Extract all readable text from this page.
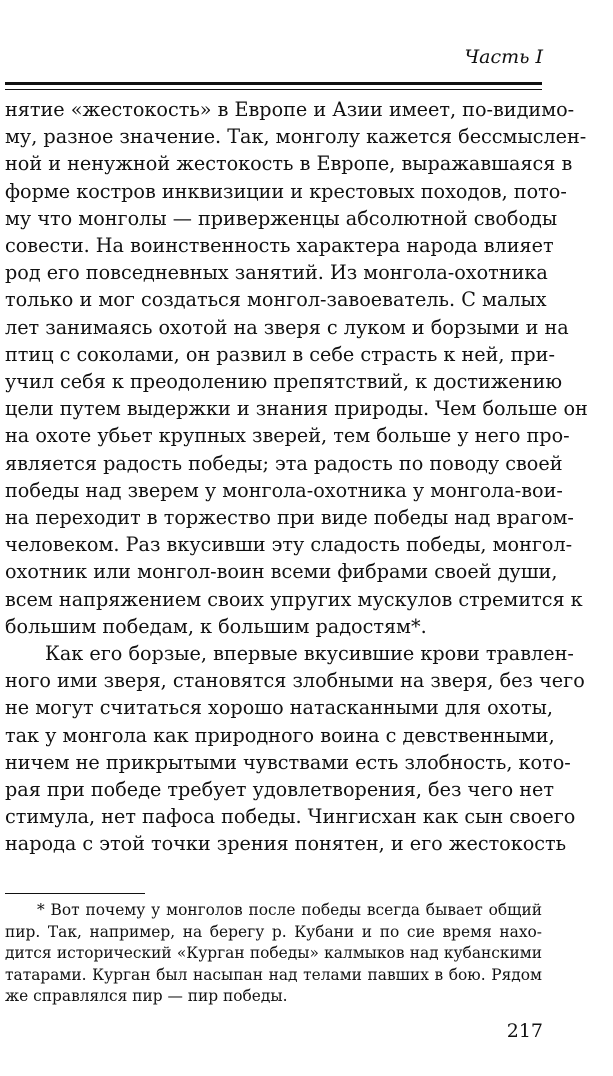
Часть I
нятие «жестокость» в Европе и Азии имеет, по-видимо-
му, разное значение. Так, монголу кажется бессмыслен-
ной и ненужной жестокость в Европе, выражавшаяся в
форме костров инквизиции и крестовых походов, пото-
му что монголы — приверженцы абсолютной свободы
совести. На воинственность характера народа влияет
род его повседневных занятий. Из монгола-охотника
только и мог создаться монгол-завоеватель. С малых
лет занимаясь охотой на зверя с луком и борзыми и на
птиц с соколами, он развил в себе страсть к ней, при-
учил себя к преодолению препятствий, к достижению
цели путем выдержки и знания природы. Чем больше он
на охоте убьет крупных зверей, тем больше у него про-
является радость победы; эта радость по поводу своей
победы над зверем у монгола-охотника у монгола-вои-
на переходит в торжество при виде победы над врагом-
человеком. Раз вкусивши эту сладость победы, монгол-
охотник или монгол-воин всеми фибрами своей души,
всем напряжением своих упругих мускулов стремится к
большим победам, к большим радостям*.
Как его борзые, впервые вкусившие крови травлен-
ного ими зверя, становятся злобными на зверя, без чего
не могут считаться хорошо натасканными для охоты,
так у монгола как природного воина с девственными,
ничем не прикрытыми чувствами есть злобность, кото-
рая при победе требует удовлетворения, без чего нет
стимула, нет пафоса победы. Чингисхан как сын своего
народа с этой точки зрения понятен, и его жестокость
* Вот почему у монголов после победы всегда бывает общий
пир. Так, например, на берегу р. Кубани и по сие время нахо-
дится исторический «Курган победы» калмыков над кубанскими
татарами. Курган был насыпан над телами павших в бою. Рядом
же справлялся пир — пир победы.
217
